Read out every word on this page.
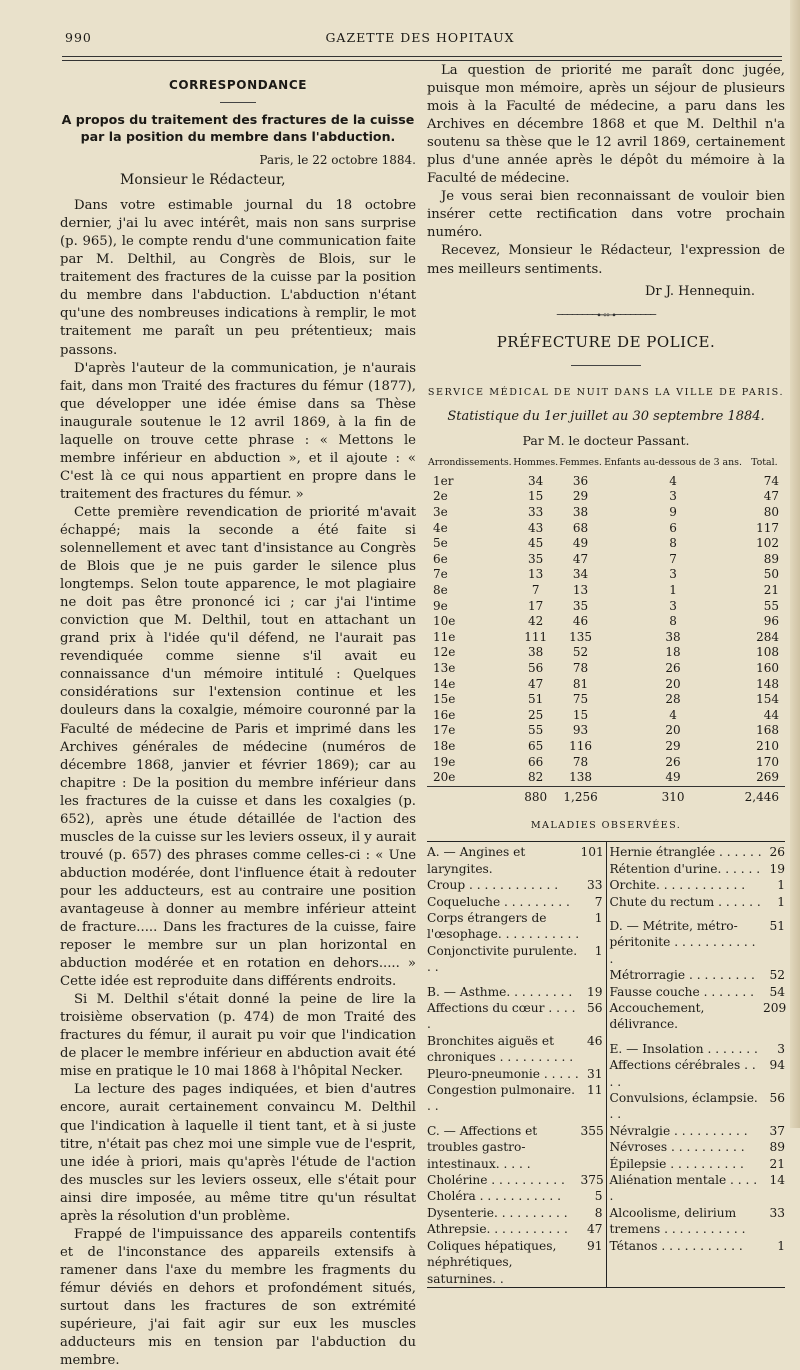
990	GAZETTE DES HOPITAUX
CORRESPONDANCE
A propos du traitement des fractures de la cuisse par la position du membre dans l'abduction.
Paris, le 22 octobre 1884.
Monsieur le Rédacteur,

Dans votre estimable journal du 18 octobre dernier, j'ai lu avec intérêt, mais non sans surprise (p. 965), le compte rendu d'une communication faite par M. Delthil, au Congrès de Blois, sur le traitement des fractures de la cuisse par la position du membre dans l'abduction. L'abduction n'étant qu'une des nombreuses indications à remplir, le mot traitement me paraît un peu prétentieux; mais passons.

D'après l'auteur de la communication, je n'aurais fait, dans mon Traité des fractures du fémur (1877), que développer une idée émise dans sa Thèse inaugurale soutenue le 12 avril 1869, à la fin de laquelle on trouve cette phrase : « Mettons le membre inférieur en abduction », et il ajoute : « C'est là ce qui nous appartient en propre dans le traitement des fractures du fémur. »

Cette première revendication de priorité m'avait échappé; mais la seconde a été faite si solennellement et avec tant d'insistance au Congrès de Blois que je ne puis garder le silence plus longtemps. Selon toute apparence, le mot plagiaire ne doit pas être prononcé ici ; car j'ai l'intime conviction que M. Delthil, tout en attachant un grand prix à l'idée qu'il défend, ne l'aurait pas revendiquée comme sienne s'il avait eu connaissance d'un mémoire intitulé : Quelques considérations sur l'extension continue et les douleurs dans la coxalgie, mémoire couronné par la Faculté de médecine de Paris et imprimé dans les Archives générales de médecine (numéros de décembre 1868, janvier et février 1869); car au chapitre : De la position du membre inférieur dans les fractures de la cuisse et dans les coxalgies (p. 652), après une étude détaillée de l'action des muscles de la cuisse sur les leviers osseux, il y aurait trouvé (p. 657) des phrases comme celles-ci : « Une abduction modérée, dont l'influence était à redouter pour les adducteurs, est au contraire une position avantageuse à donner au membre inférieur atteint de fracture..... Dans les fractures de la cuisse, faire reposer le membre sur un plan horizontal en abduction modérée et en rotation en dehors..... » Cette idée est reproduite dans différents endroits.

Si M. Delthil s'était donné la peine de lire la troisième observation (p. 474) de mon Traité des fractures du fémur, il aurait pu voir que l'indication de placer le membre inférieur en abduction avait été mise en pratique le 10 mai 1868 à l'hôpital Necker.

La lecture des pages indiquées, et bien d'autres encore, aurait certainement convaincu M. Delthil que l'indication à laquelle il tient tant, et à si juste titre, n'était pas chez moi une simple vue de l'esprit, une idée à priori, mais qu'après l'étude de l'action des muscles sur les leviers osseux, elle s'était pour ainsi dire imposée, au même titre qu'un résultat après la résolution d'un problème.

Frappé de l'impuissance des appareils contentifs et de l'inconstance des appareils extensifs à ramener dans l'axe du membre les fragments du fémur déviés en dehors et profondément situés, surtout dans les fractures de son extrémité supérieure, j'ai fait agir sur eux les muscles adducteurs mis en tension par l'abduction du membre.

La question de priorité me paraît donc jugée, puisque mon mémoire, après un séjour de plusieurs mois à la Faculté de médecine, a paru dans les Archives en décembre 1868 et que M. Delthil n'a soutenu sa thèse que le 12 avril 1869, certainement plus d'une année après le dépôt du mémoire à la Faculté de médecine.

Je vous serai bien reconnaissant de vouloir bien insérer cette rectification dans votre prochain numéro.

Recevez, Monsieur le Rédacteur, l'expression de mes meilleurs sentiments.

Dr J. Hennequin.
────────⊷⊶────────
PRÉFECTURE DE POLICE.
SERVICE MÉDICAL DE NUIT DANS LA VILLE DE PARIS.
Statistique du 1er juillet au 30 septembre 1884.
Par M. le docteur Passant.
Arrondissements.	Hommes.	Femmes.	Enfants au-dessous de 3 ans.	Total.
1er	34	36	4	74
2e	15	29	3	47
3e	33	38	9	80
4e	43	68	6	117
5e	45	49	8	102
6e	35	47	7	89
7e	13	34	3	50
8e	7	13	1	21
9e	17	35	3	55
10e	42	46	8	96
11e	111	135	38	284
12e	38	52	18	108
13e	56	78	26	160
14e	47	81	20	148
15e	51	75	28	154
16e	25	15	4	44
17e	55	93	20	168
18e	65	116	29	210
19e	66	78	26	170
20e	82	138	49	269
	880	1,256	310	2,446
MALADIES OBSERVÉES.
A. — Angines et laryngites.
101
Croup . . . . . . . . . . . .	33
Coqueluche . . . . . . . . .	7
Corps étrangers de l'œsophage. . . . . . . . . . .
1
Conjonctivite purulente. . .
1
B. — Asthme. . . . . . . . .	19
Affections du cœur . . . . .
56
Bronchites aiguës et chroniques . . . . . . . . . .
46
Pleuro-pneumonie . . . . . 31
Congestion pulmonaire. . .
11
C. — Affections et troubles gastro-intestinaux. . . . .
355
Cholérine . . . . . . . . . .	375
Choléra . . . . . . . . . . .	5
Dysenterie. . . . . . . . . .	8
Athrepsie. . . . . . . . . . .	47
Coliques hépatiques, néphrétiques, saturnines. .
91
Hernie étranglée . . . . . . 26
Rétention d'urine. . . . . . 19
Orchite. . . . . . . . . . . .	1
Chute du rectum . . . . . .	1
D. — Métrite, métro-péritonite . . . . . . . . . . . .
51
Métrorragie . . . . . . . . .	52
Fausse couche . . . . . . .	54
Accouchement, délivrance.
209
E. — Insolation . . . . . . .	3
Affections cérébrales . . . .
94
Convulsions, éclampsie. . .
56
Névralgie . . . . . . . . . .	37
Névroses . . . . . . . . . .	89
Épilepsie . . . . . . . . . .	21
Aliénation mentale . . . . .
14
Alcoolisme, delirium tremens . . . . . . . . . . .
33
Tétanos . . . . . . . . . . .	1
